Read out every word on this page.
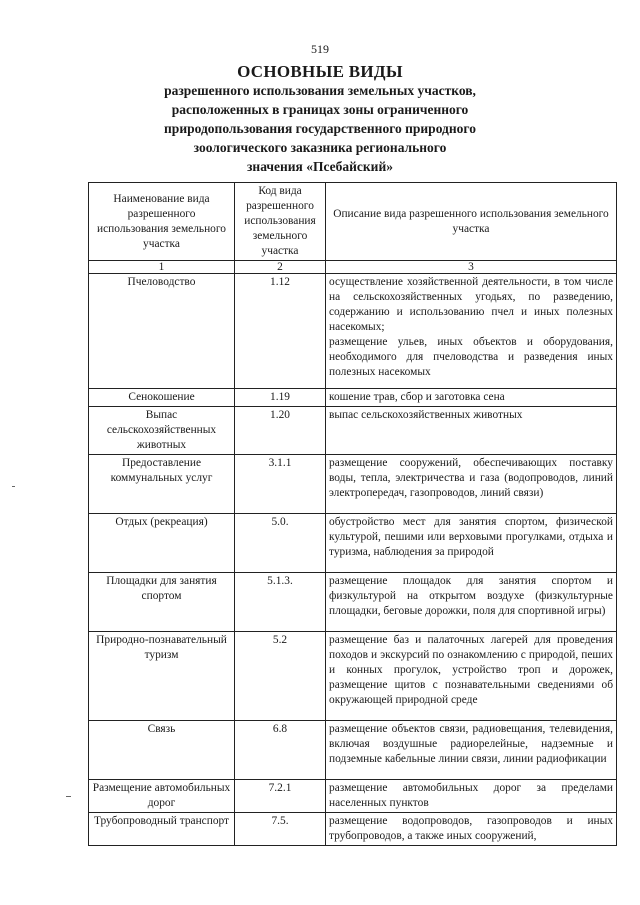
519
ОСНОВНЫЕ ВИДЫ
разрешенного использования земельных участков,
расположенных в границах зоны ограниченного
природопользования государственного природного
зоологического заказника регионального
значения «Псебайский»
Наименование вида разрешенного использования земельного участка	Код вида разрешенного использования земельного участка	Описание вида разрешенного использования земельного участка
1	2	3
Пчеловодство	1.12	осуществление хозяйственной деятельности, в том числе на сельскохозяйственных угодьях, по разведению, содержанию и использованию пчел и иных полезных насекомых;
размещение ульев, иных объектов и оборудования, необходимого для пчеловодства и разведения иных полезных насекомых

Сенокошение	1.19	кошение трав, сбор и заготовка сена

Выпас сельскохозяйственных животных	1.20	выпас сельскохозяйственных животных

Предоставление коммунальных услуг	3.1.1	размещение сооружений, обеспечивающих поставку воды, тепла, электричества и газа (водопроводов, линий электропередач, газопроводов, линий связи)

Отдых (рекреация)	5.0.	обустройство мест для занятия спортом, физической культурой, пешими или верховыми прогулками, отдыха и туризма, наблюдения за природой

Площадки для занятия спортом	5.1.3.	размещение площадок для занятия спортом и физкультурой на открытом воздухе (физкультурные площадки, беговые дорожки, поля для спортивной игры)

Природно-познавательный туризм	5.2	размещение баз и палаточных лагерей для проведения походов и экскурсий по ознакомлению с природой, пеших и конных прогулок, устройство троп и дорожек, размещение щитов с познавательными сведениями об окружающей природной среде

Связь	6.8	размещение объектов связи, радиовещания, телевидения, включая воздушные радиорелейные, надземные и подземные кабельные линии связи, линии радиофикации

Размещение автомобильных дорог	7.2.1	размещение автомобильных дорог за пределами населенных пунктов

Трубопроводный транспорт	7.5.	размещение водопроводов, газопроводов и иных трубопроводов, а также иных сооружений,
